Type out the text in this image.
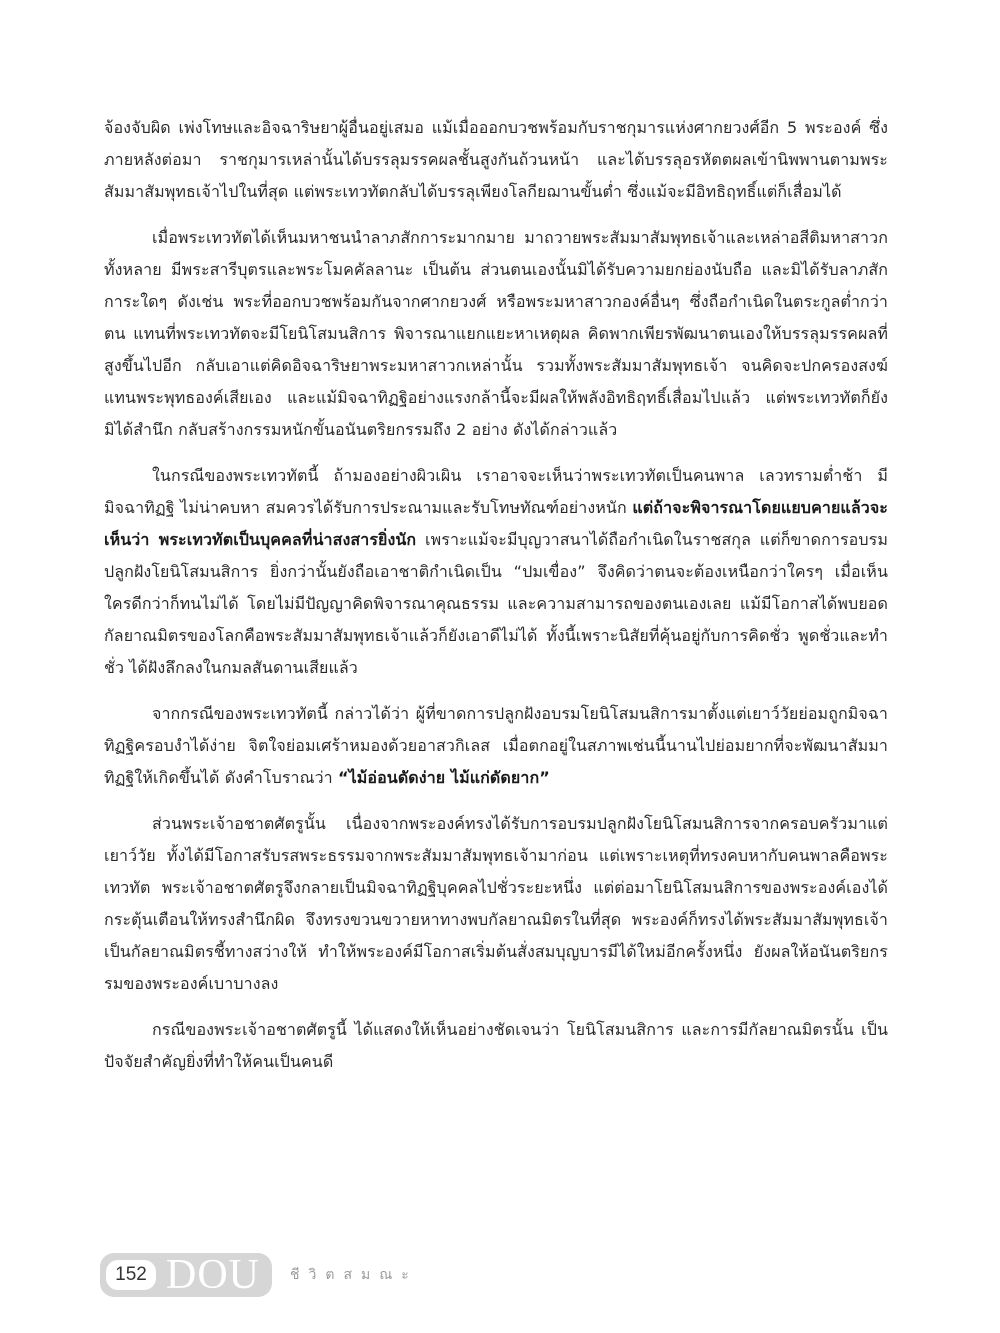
จ้องจับผิด เพ่งโทษและอิจฉาริษยาผู้อื่นอยู่เสมอ แม้เมื่อออกบวชพร้อมกับราชกุมารแห่งศากยวงศ์อีก 5 พระองค์ ซึ่งภายหลังต่อมา ราชกุมารเหล่านั้นได้บรรลุมรรคผลชั้นสูงกันถ้วนหน้า และได้บรรลุอรหัตตผลเข้านิพพานตามพระสัมมาสัมพุทธเจ้าไปในที่สุด แต่พระเทวทัตกลับได้บรรลุเพียงโลกียฌานขั้นต่ำ ซึ่งแม้จะมีอิทธิฤทธิ์แต่ก็เสื่อมได้

เมื่อพระเทวทัตได้เห็นมหาชนนำลาภสักการะมากมาย มาถวายพระสัมมาสัมพุทธเจ้าและเหล่าอสีติมหาสาวกทั้งหลาย มีพระสารีบุตรและพระโมคคัลลานะ เป็นต้น ส่วนตนเองนั้นมิได้รับความยกย่องนับถือ และมิได้รับลาภสักการะใดๆ ดังเช่น พระที่ออกบวชพร้อมกันจากศากยวงศ์ หรือพระมหาสาวกองค์อื่นๆ ซึ่งถือกำเนิดในตระกูลต่ำกว่าตน แทนที่พระเทวทัตจะมีโยนิโสมนสิการ พิจารณาแยกแยะหาเหตุผล คิดพากเพียรพัฒนาตนเองให้บรรลุมรรคผลที่สูงขึ้นไปอีก กลับเอาแต่คิดอิจฉาริษยาพระมหาสาวกเหล่านั้น รวมทั้งพระสัมมาสัมพุทธเจ้า จนคิดจะปกครองสงฆ์แทนพระพุทธองค์เสียเอง และแม้มิจฉาทิฏฐิอย่างแรงกล้านี้จะมีผลให้พลังอิทธิฤทธิ์เสื่อมไปแล้ว แต่พระเทวทัตก็ยังมิได้สำนึก กลับสร้างกรรมหนักขั้นอนันตริยกรรมถึง 2 อย่าง ดังได้กล่าวแล้ว

ในกรณีของพระเทวทัตนี้ ถ้ามองอย่างผิวเผิน เราอาจจะเห็นว่าพระเทวทัตเป็นคนพาล เลวทรามต่ำช้า มีมิจฉาทิฏฐิ ไม่น่าคบหา สมควรได้รับการประณามและรับโทษทัณฑ์อย่างหนัก แต่ถ้าจะพิจารณาโดยแยบคายแล้วจะเห็นว่า พระเทวทัตเป็นบุคคลที่น่าสงสารยิ่งนัก เพราะแม้จะมีบุญวาสนาได้ถือกำเนิดในราชสกุล แต่ก็ขาดการอบรมปลูกฝังโยนิโสมนสิการ ยิ่งกว่านั้นยังถือเอาชาติกำเนิดเป็น “ปมเขื่อง” จึงคิดว่าตนจะต้องเหนือกว่าใครๆ เมื่อเห็นใครดีกว่าก็ทนไม่ได้ โดยไม่มีปัญญาคิดพิจารณาคุณธรรม และความสามารถของตนเองเลย แม้มีโอกาสได้พบยอดกัลยาณมิตรของโลกคือพระสัมมาสัมพุทธเจ้าแล้วก็ยังเอาดีไม่ได้ ทั้งนี้เพราะนิสัยที่คุ้นอยู่กับการคิดชั่ว พูดชั่วและทำชั่ว ได้ฝังลึกลงในกมลสันดานเสียแล้ว

จากกรณีของพระเทวทัตนี้ กล่าวได้ว่า ผู้ที่ขาดการปลูกฝังอบรมโยนิโสมนสิการมาตั้งแต่เยาว์วัยย่อมถูกมิจฉาทิฏฐิครอบงำได้ง่าย จิตใจย่อมเศร้าหมองด้วยอาสวกิเลส เมื่อตกอยู่ในสภาพเช่นนี้นานไปย่อมยากที่จะพัฒนาสัมมาทิฏฐิให้เกิดขึ้นได้ ดังคำโบราณว่า “ไม้อ่อนดัดง่าย ไม้แก่ดัดยาก”

ส่วนพระเจ้าอชาตศัตรูนั้น เนื่องจากพระองค์ทรงได้รับการอบรมปลูกฝังโยนิโสมนสิการจากครอบครัวมาแต่เยาว์วัย ทั้งได้มีโอกาสรับรสพระธรรมจากพระสัมมาสัมพุทธเจ้ามาก่อน แต่เพราะเหตุที่ทรงคบหากับคนพาลคือพระเทวทัต พระเจ้าอชาตศัตรูจึงกลายเป็นมิจฉาทิฏฐิบุคคลไปชั่วระยะหนึ่ง แต่ต่อมาโยนิโสมนสิการของพระองค์เองได้กระตุ้นเตือนให้ทรงสำนึกผิด จึงทรงขวนขวายหาทางพบกัลยาณมิตรในที่สุด พระองค์ก็ทรงได้พระสัมมาสัมพุทธเจ้าเป็นกัลยาณมิตรชี้ทางสว่างให้ ทำให้พระองค์มีโอกาสเริ่มต้นสั่งสมบุญบารมีได้ใหม่อีกครั้งหนึ่ง ยังผลให้อนันตริยกรรมของพระองค์เบาบางลง

กรณีของพระเจ้าอชาตศัตรูนี้ ได้แสดงให้เห็นอย่างชัดเจนว่า โยนิโสมนสิการ และการมีกัลยาณมิตรนั้น เป็นปัจจัยสำคัญยิ่งที่ทำให้คนเป็นคนดี

152 DOU	ชีวิตสมณะ
